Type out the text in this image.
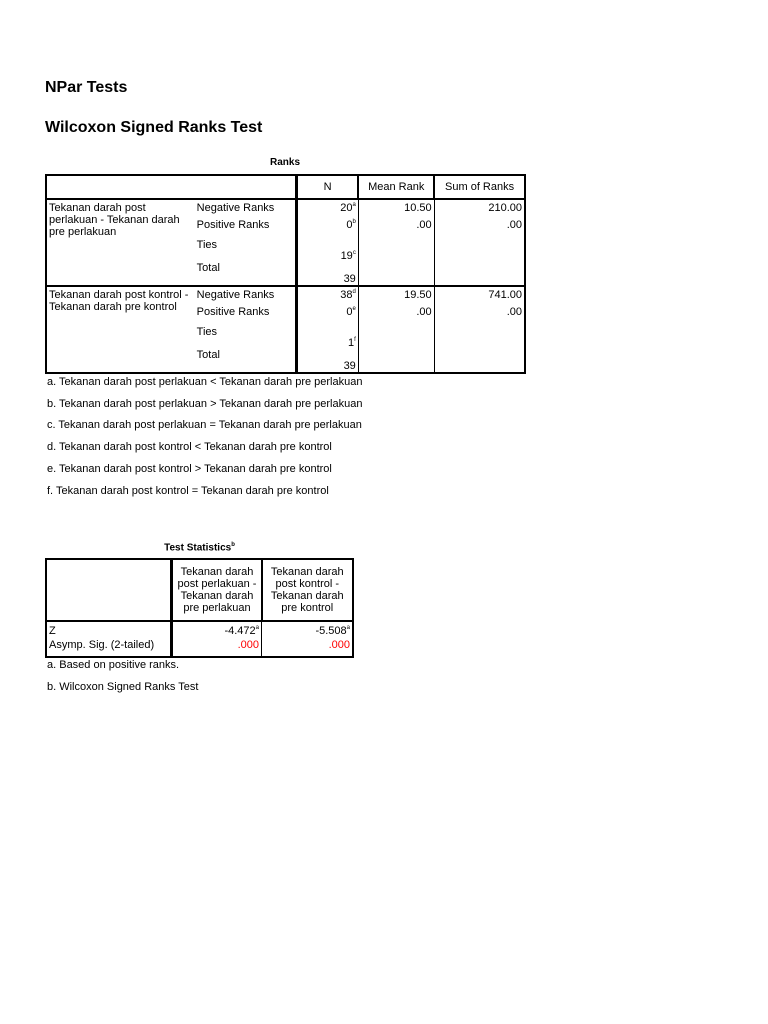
NPar Tests
Wilcoxon Signed Ranks Test
Ranks
		N	Mean Rank	Sum of Ranks
Tekanan darah post perlakuan - Tekanan darah pre perlakuan	Negative Ranks	20$^a$	10.50	210.00
	Positive Ranks	0$^b$	.00	.00
	Ties	19$^c$		
	Total	39		
Tekanan darah post kontrol - Tekanan darah pre kontrol	Negative Ranks	38$^d$	19.50	741.00
	Positive Ranks	0e	.00	.00
	Ties	1$^f$		
	Total	39		
a. Tekanan darah post perlakuan < Tekanan darah pre perlakuan
b. Tekanan darah post perlakuan > Tekanan darah pre perlakuan
c. Tekanan darah post perlakuan = Tekanan darah pre perlakuan
d. Tekanan darah post kontrol < Tekanan darah pre kontrol
e. Tekanan darah post kontrol > Tekanan darah pre kontrol
f. Tekanan darah post kontrol = Tekanan darah pre kontrol
Test Statistics$^b$
	Tekanan darah post perlakuan - Tekanan darah pre perlakuan	Tekanan darah post kontrol - Tekanan darah pre kontrol
Z	-4.472$^a$	-5.508$^a$
Asymp. Sig. (2-tailed)	.000	.000
a. Based on positive ranks.
b. Wilcoxon Signed Ranks Test
